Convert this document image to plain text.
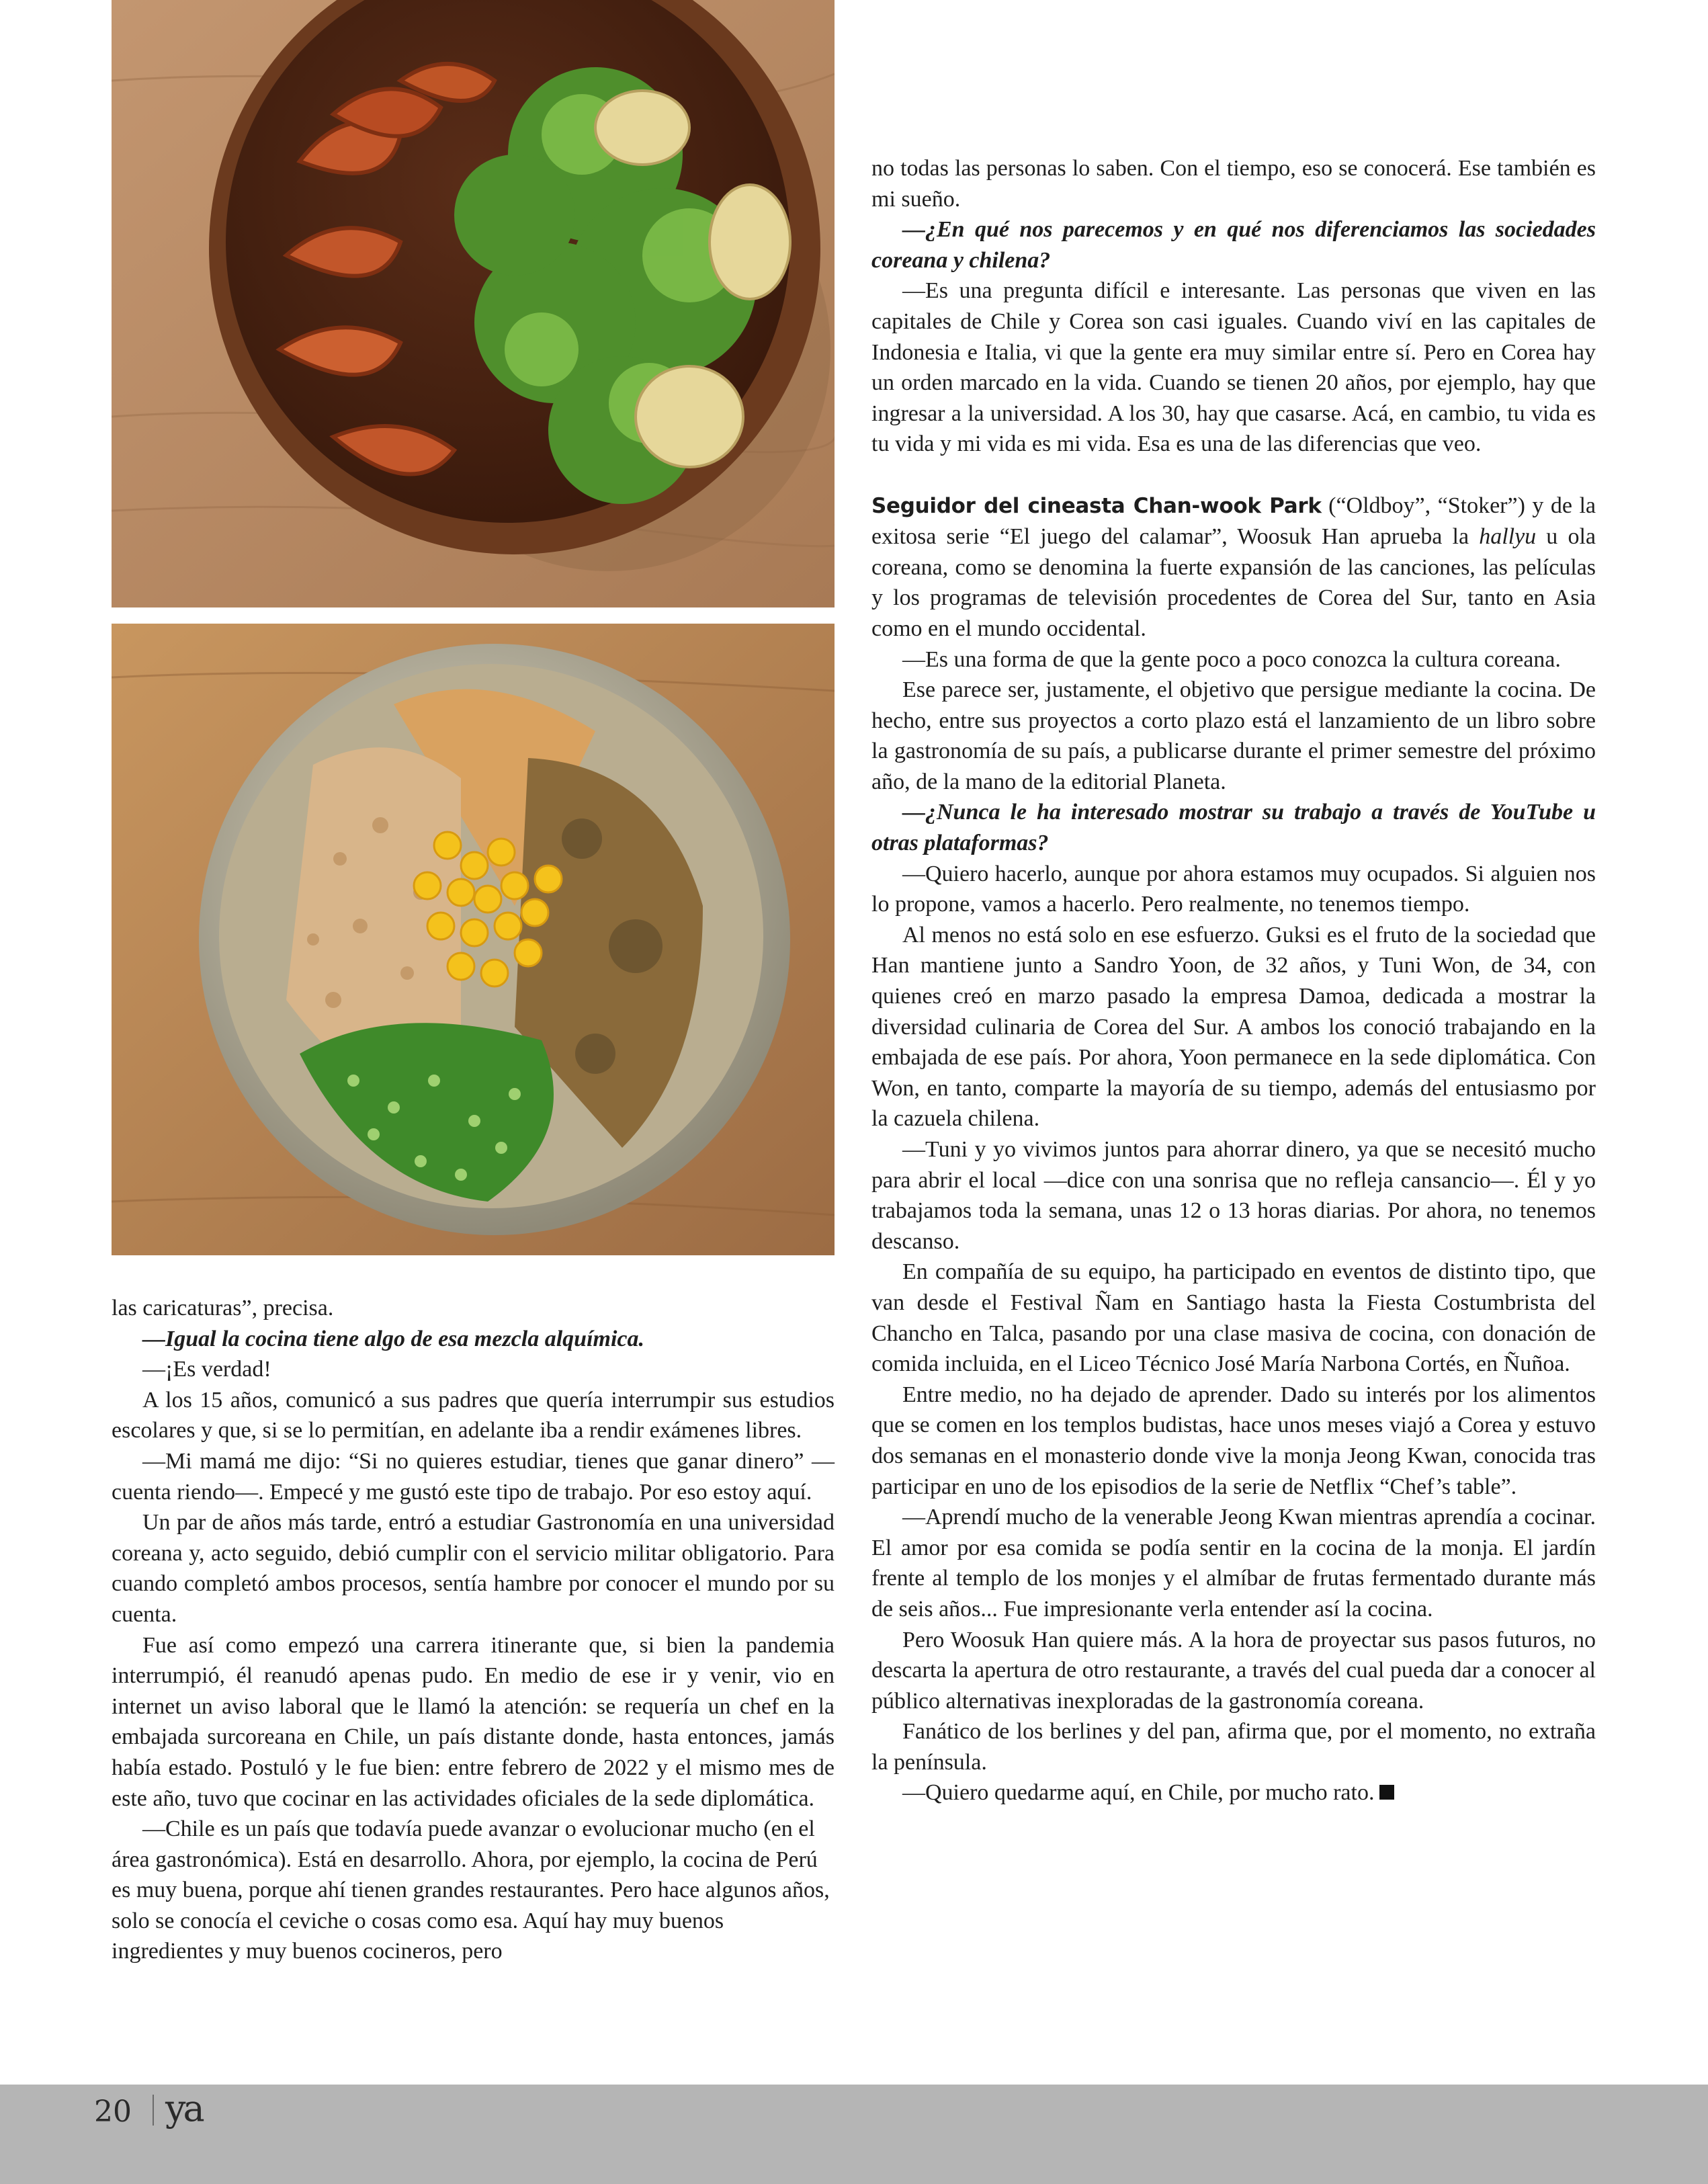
las caricaturas”, precisa.

—Igual la cocina tiene algo de esa mezcla alquímica.

—¡Es verdad!

A los 15 años, comunicó a sus padres que quería interrumpir sus estudios escolares y que, si se lo permitían, en adelante iba a rendir exámenes libres.

—Mi mamá me dijo: “Si no quieres estudiar, tienes que ganar dinero” —cuenta riendo—. Empecé y me gustó este tipo de trabajo. Por eso estoy aquí.

Un par de años más tarde, entró a estudiar Gastronomía en una universidad coreana y, acto seguido, debió cumplir con el servicio militar obligatorio. Para cuando completó ambos procesos, sentía hambre por conocer el mundo por su cuenta.

Fue así como empezó una carrera itinerante que, si bien la pandemia interrumpió, él reanudó apenas pudo. En medio de ese ir y venir, vio en internet un aviso laboral que le llamó la atención: se requería un chef en la embajada surcoreana en Chile, un país distante donde, hasta entonces, jamás había estado. Postuló y le fue bien: entre febrero de 2022 y el mismo mes de este año, tuvo que cocinar en las actividades oficiales de la sede diplomática.

—Chile es un país que todavía puede avanzar o evolucionar mucho (en el área gastronómica). Está en desarrollo. Ahora, por ejemplo, la cocina de Perú es muy buena, porque ahí tienen grandes restaurantes. Pero hace algunos años, solo se conocía el ceviche o cosas como esa. Aquí hay muy buenos ingredientes y muy buenos cocineros, pero

no todas las personas lo saben. Con el tiempo, eso se conocerá. Ese también es mi sueño.

—¿En qué nos parecemos y en qué nos diferenciamos las sociedades coreana y chilena?

—Es una pregunta difícil e interesante. Las personas que viven en las capitales de Chile y Corea son casi iguales. Cuando viví en las capitales de Indonesia e Italia, vi que la gente era muy similar entre sí. Pero en Corea hay un orden marcado en la vida. Cuando se tienen 20 años, por ejemplo, hay que ingresar a la universidad. A los 30, hay que casarse. Acá, en cambio, tu vida es tu vida y mi vida es mi vida. Esa es una de las diferencias que veo.

Seguidor del cineasta Chan-wook Park (“Oldboy”, “Stoker”) y de la exitosa serie “El juego del calamar”, Woosuk Han aprueba la hallyu u ola coreana, como se denomina la fuerte expansión de las canciones, las películas y los programas de televisión procedentes de Corea del Sur, tanto en Asia como en el mundo occidental.

—Es una forma de que la gente poco a poco conozca la cultura coreana.

Ese parece ser, justamente, el objetivo que persigue mediante la cocina. De hecho, entre sus proyectos a corto plazo está el lanzamiento de un libro sobre la gastronomía de su país, a publicarse durante el primer semestre del próximo año, de la mano de la editorial Planeta.

—¿Nunca le ha interesado mostrar su trabajo a través de YouTube u otras plataformas?

—Quiero hacerlo, aunque por ahora estamos muy ocupados. Si alguien nos lo propone, vamos a hacerlo. Pero realmente, no tenemos tiempo.

Al menos no está solo en ese esfuerzo. Guksi es el fruto de la sociedad que Han mantiene junto a Sandro Yoon, de 32 años, y Tuni Won, de 34, con quienes creó en marzo pasado la empresa Damoa, dedicada a mostrar la diversidad culinaria de Corea del Sur. A ambos los conoció trabajando en la embajada de ese país. Por ahora, Yoon permanece en la sede diplomática. Con Won, en tanto, comparte la mayoría de su tiempo, además del entusiasmo por la cazuela chilena.

—Tuni y yo vivimos juntos para ahorrar dinero, ya que se necesitó mucho para abrir el local —dice con una sonrisa que no refleja cansancio—. Él y yo trabajamos toda la semana, unas 12 o 13 horas diarias. Por ahora, no tenemos descanso.

En compañía de su equipo, ha participado en eventos de distinto tipo, que van desde el Festival Ñam en Santiago hasta la Fiesta Costumbrista del Chancho en Talca, pasando por una clase masiva de cocina, con donación de comida incluida, en el Liceo Técnico José María Narbona Cortés, en Ñuñoa.

Entre medio, no ha dejado de aprender. Dado su interés por los alimentos que se comen en los templos budistas, hace unos meses viajó a Corea y estuvo dos semanas en el monasterio donde vive la monja Jeong Kwan, conocida tras participar en uno de los episodios de la serie de Netflix “Chef’s table”.

—Aprendí mucho de la venerable Jeong Kwan mientras aprendía a cocinar. El amor por esa comida se podía sentir en la cocina de la monja. El jardín frente al templo de los monjes y el almíbar de frutas fermentado durante más de seis años... Fue impresionante verla entender así la cocina.

Pero Woosuk Han quiere más. A la hora de proyectar sus pasos futuros, no descarta la apertura de otro restaurante, a través del cual pueda dar a conocer al público alternativas inexploradas de la gastronomía coreana.

Fanático de los berlines y del pan, afirma que, por el momento, no extraña la península.

—Quiero quedarme aquí, en Chile, por mucho rato.

20 ya
